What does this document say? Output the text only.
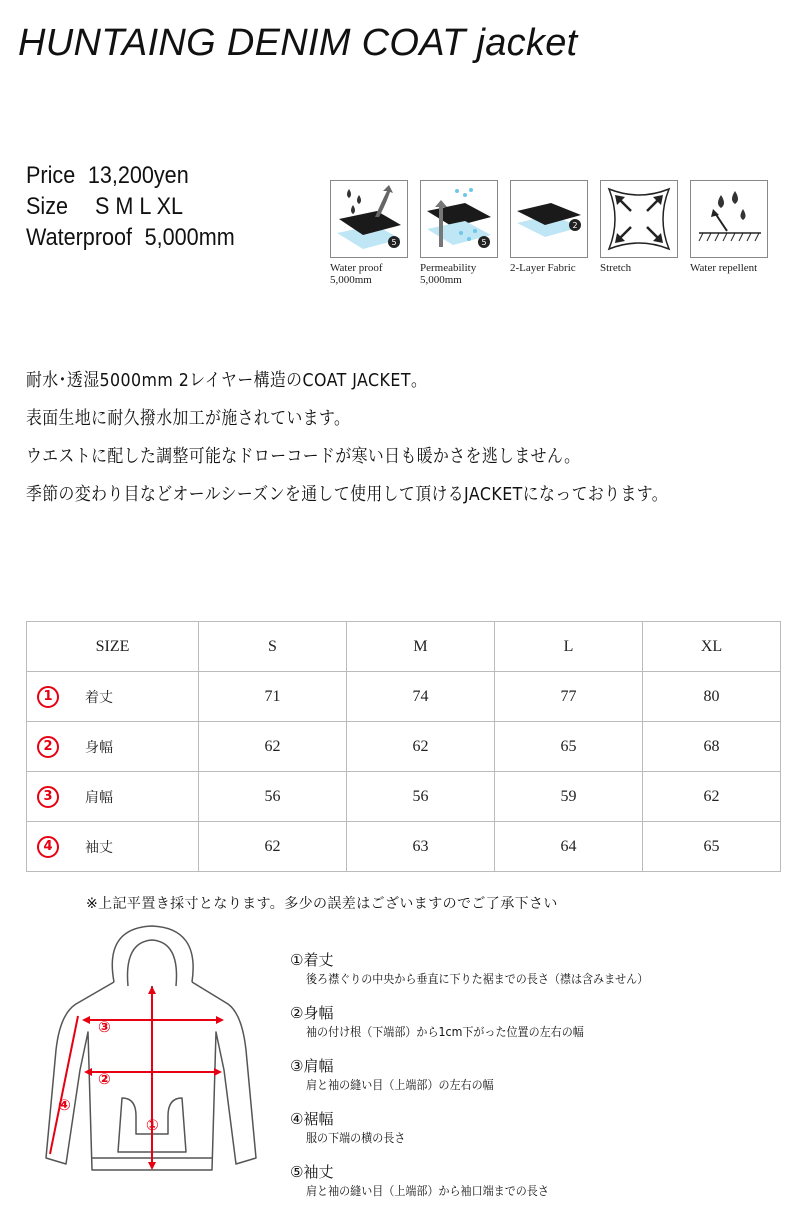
HUNTAING DENIM COAT jacket
Price 13,200yen
Size S M L XL
Waterproof 5,000mm	5
Water proof
5,000mm
5
Permeability
5,000mm
2
2-Layer Fabric	Stretch	Water repellent
耐水･透湿5000mm 2レイヤー構造のCOAT JACKET。
表面生地に耐久撥水加工が施されています。
ウエストに配した調整可能なドローコードが寒い日も暖かさを逃しません。
季節の変わり目などオールシーズンを通して使用して頂けるJACKETになっております。
SIZE	S	M	L	XL
1 着丈	71	74	77	80
2 身幅	62	62	65	68
3 肩幅	56	56	59	62
4 袖丈	62	63	64	65
※上記平置き採寸となります。多少の誤差はございますのでご了承下さい
③
②
④
①
①着丈
後ろ襟ぐりの中央から垂直に下りた裾までの長さ（襟は含みません）
②身幅
袖の付け根（下端部）から1cm下がった位置の左右の幅
③肩幅
肩と袖の縫い目（上端部）の左右の幅
④裾幅
服の下端の横の長さ
⑤袖丈
肩と袖の縫い目（上端部）から袖口端までの長さ
